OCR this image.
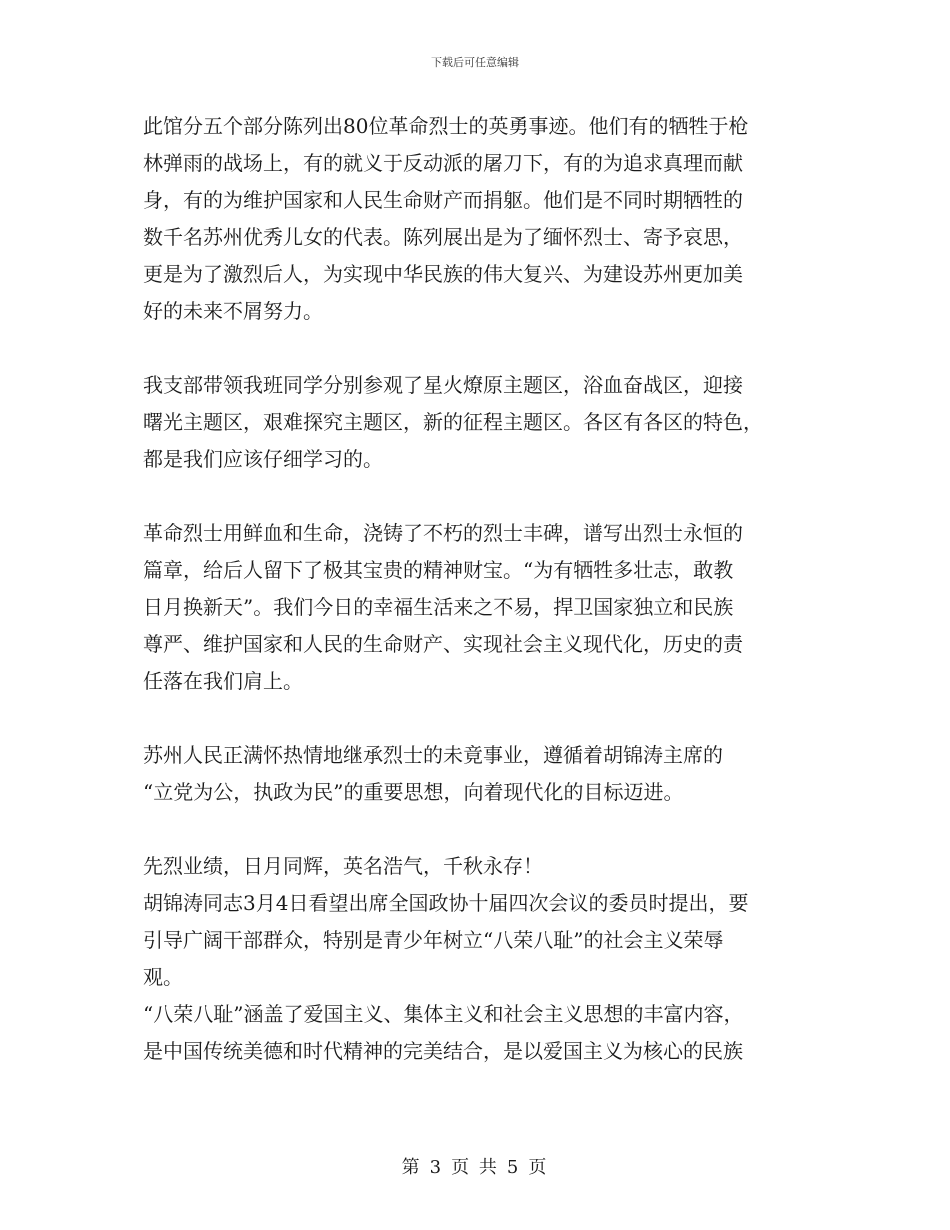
下载后可任意编辑

此馆分五个部分陈列出80位革命烈士的英勇事迹。他们有的牺牲于枪
林弹雨的战场上，有的就义于反动派的屠刀下，有的为追求真理而献
身，有的为维护国家和人民生命财产而捐躯。他们是不同时期牺牲的
数千名苏州优秀儿女的代表。陈列展出是为了缅怀烈士、寄予哀思，
更是为了激烈后人，为实现中华民族的伟大复兴、为建设苏州更加美
好的未来不屑努力。

我支部带领我班同学分别参观了星火燎原主题区，浴血奋战区，迎接
曙光主题区，艰难探究主题区，新的征程主题区。各区有各区的特色，
都是我们应该仔细学习的。

革命烈士用鲜血和生命，浇铸了不朽的烈士丰碑，谱写出烈士永恒的
篇章，给后人留下了极其宝贵的精神财宝。“为有牺牲多壮志，敢教
日月换新天”。我们今日的幸福生活来之不易，捍卫国家独立和民族
尊严、维护国家和人民的生命财产、实现社会主义现代化，历史的责
任落在我们肩上。

苏州人民正满怀热情地继承烈士的未竟事业，遵循着胡锦涛主席的
“立党为公，执政为民”的重要思想，向着现代化的目标迈进。

先烈业绩，日月同辉，英名浩气，千秋永存！

胡锦涛同志3月4日看望出席全国政协十届四次会议的委员时提出，要
引导广阔干部群众，特别是青少年树立“八荣八耻”的社会主义荣辱
观。

“八荣八耻”涵盖了爱国主义、集体主义和社会主义思想的丰富内容，
是中国传统美德和时代精神的完美结合，是以爱国主义为核心的民族

第 3 页 共 5 页
